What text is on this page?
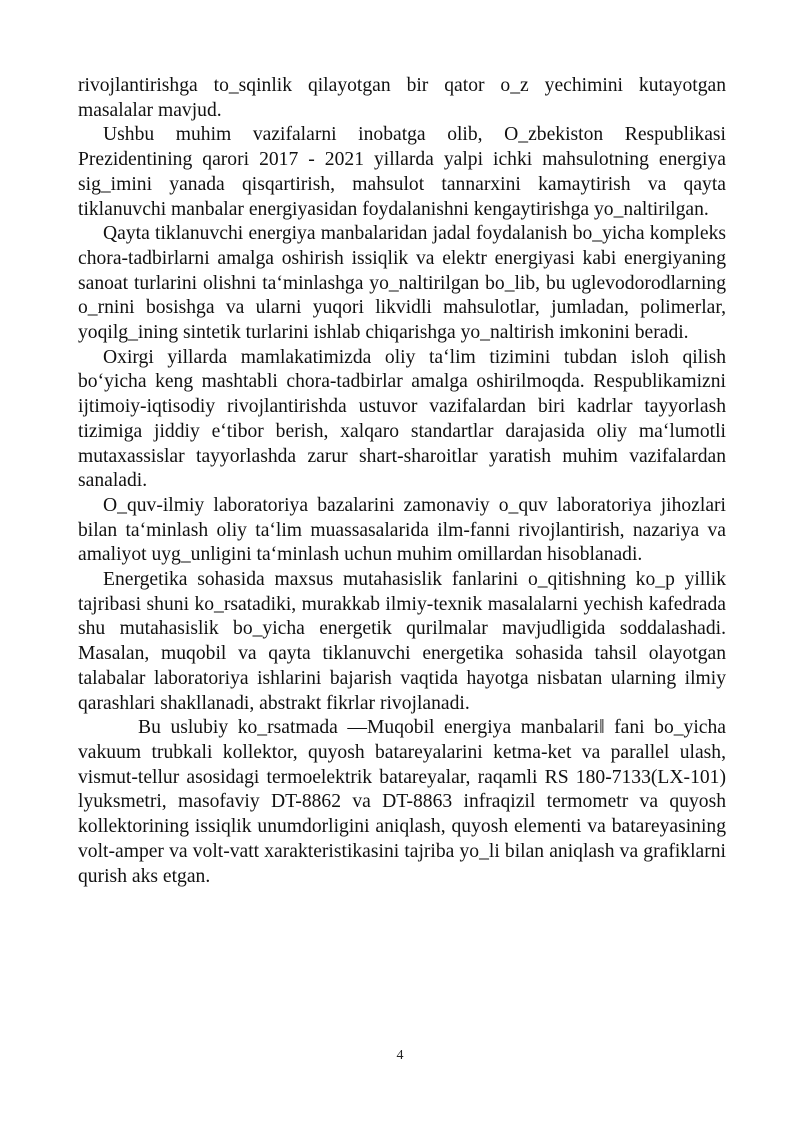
rivojlantirishga to_sqinlik qilayotgan bir qator o_z yechimini kutayotgan masalalar mavjud.

Ushbu muhim vazifalarni inobatga olib, O_zbekiston Respublikasi Prezidentining qarori 2017 - 2021 yillarda yalpi ichki mahsulotning energiya sig_imini yanada qisqartirish, mahsulot tannarxini kamaytirish va qayta tiklanuvchi manbalar energiyasidan foydalanishni kengaytirishga yo_naltirilgan.

Qayta tiklanuvchi energiya manbalaridan jadal foydalanish bo_yicha kompleks chora-tadbirlarni amalga oshirish issiqlik va elektr energiyasi kabi energiyaning sanoat turlarini olishni taʻminlashga yo_naltirilgan bo_lib, bu uglevodorodlarning o_rnini bosishga va ularni yuqori likvidli mahsulotlar, jumladan, polimerlar, yoqilg_ining sintetik turlarini ishlab chiqarishga yo_naltirish imkonini beradi.

Oxirgi yillarda mamlakatimizda oliy taʻlim tizimini tubdan isloh qilish boʻyicha keng mashtabli chora-tadbirlar amalga oshirilmoqda. Respublikamizni ijtimoiy-iqtisodiy rivojlantirishda ustuvor vazifalardan biri kadrlar tayyorlash tizimiga jiddiy eʻtibor berish, xalqaro standartlar darajasida oliy maʻlumotli mutaxassislar tayyorlashda zarur shart-sharoitlar yaratish muhim vazifalardan sanaladi.

O_quv-ilmiy laboratoriya bazalarini zamonaviy o_quv laboratoriya jihozlari bilan taʻminlash oliy taʻlim muassasalarida ilm-fanni rivojlantirish, nazariya va amaliyot uyg_unligini taʻminlash uchun muhim omillardan hisoblanadi.

Energetika sohasida maxsus mutahasislik fanlarini o_qitishning ko_p yillik tajribasi shuni ko_rsatadiki, murakkab ilmiy-texnik masalalarni yechish kafedrada shu mutahasislik bo_yicha energetik qurilmalar mavjudligida soddalashadi. Masalan, muqobil va qayta tiklanuvchi energetika sohasida tahsil olayotgan talabalar laboratoriya ishlarini bajarish vaqtida hayotga nisbatan ularning ilmiy qarashlari shakllanadi, abstrakt fikrlar rivojlanadi.

Bu uslubiy ko_rsatmada ―Muqobil energiya manbalari‖ fani bo_yicha vakuum trubkali kollektor, quyosh batareyalarini ketma-ket va parallel ulash, vismut-tellur asosidagi termoelektrik batareyalar, raqamli RS 180-7133(LX-101) lyuksmetri, masofaviy DT-8862 va DT-8863 infraqizil termometr va quyosh kollektorining issiqlik unumdorligini aniqlash, quyosh elementi va batareyasining volt-amper va volt-vatt xarakteristikasini tajriba yo_li bilan aniqlash va grafiklarni qurish aks etgan.

4
